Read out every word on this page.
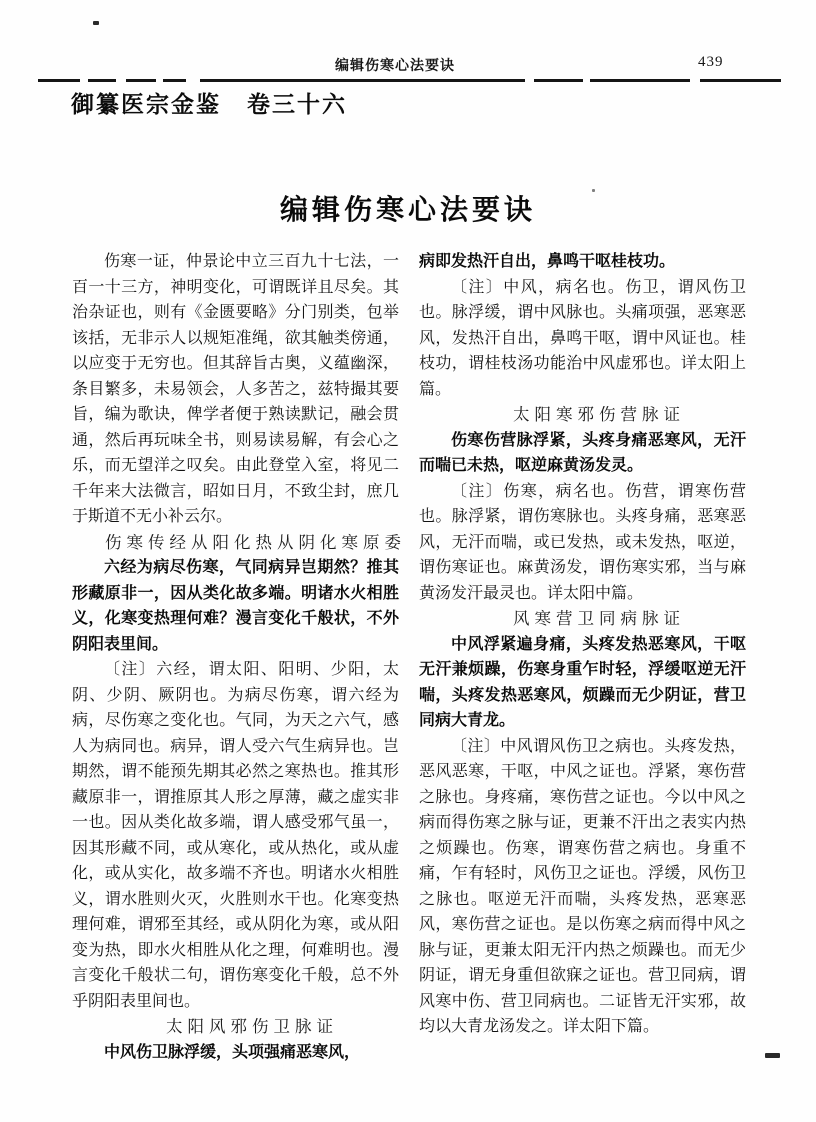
编辑伤寒心法要诀	439
御纂医宗金鉴 卷三十六
编辑伤寒心法要诀

伤寒一证，仲景论中立三百九十七法，一百一十三方，神明变化，可谓既详且尽矣。其治杂证也，则有《金匮要略》分门别类，包举该括，无非示人以规矩准绳，欲其触类傍通，以应变于无穷也。但其辞旨古奥，义蕴幽深，条目繁多，未易领会，人多苦之，兹特撮其要旨，编为歌诀，俾学者便于熟读默记，融会贯通，然后再玩味全书，则易读易解，有会心之乐，而无望洋之叹矣。由此登堂入室，将见二千年来大法微言，昭如日月，不致尘封，庶几于斯道不无小补云尔。

伤寒传经从阳化热从阴化寒原委

六经为病尽伤寒，气同病异岂期然？推其形藏原非一，因从类化故多端。明诸水火相胜义，化寒变热理何难？漫言变化千般状，不外阴阳表里间。

〔注〕六经，谓太阳、阳明、少阳，太阴、少阴、厥阴也。为病尽伤寒，谓六经为病，尽伤寒之变化也。气同，为天之六气，感人为病同也。病异，谓人受六气生病异也。岂期然，谓不能预先期其必然之寒热也。推其形藏原非一，谓推原其人形之厚薄，藏之虚实非一也。因从类化故多端，谓人感受邪气虽一，因其形藏不同，或从寒化，或从热化，或从虚化，或从实化，故多端不齐也。明诸水火相胜义，谓水胜则火灭，火胜则水干也。化寒变热理何难，谓邪至其经，或从阴化为寒，或从阳变为热，即水火相胜从化之理，何难明也。漫言变化千般状二句，谓伤寒变化千般，总不外乎阴阳表里间也。

太阳风邪伤卫脉证

中风伤卫脉浮缓，头项强痛恶寒风，

病即发热汗自出，鼻鸣干呕桂枝功。

〔注〕中风，病名也。伤卫，谓风伤卫也。脉浮缓，谓中风脉也。头痛项强，恶寒恶风，发热汗自出，鼻鸣干呕，谓中风证也。桂枝功，谓桂枝汤功能治中风虚邪也。详太阳上篇。

太阳寒邪伤营脉证

伤寒伤营脉浮紧，头疼身痛恶寒风，无汗而喘已未热，呕逆麻黄汤发灵。

〔注〕伤寒，病名也。伤营，谓寒伤营也。脉浮紧，谓伤寒脉也。头疼身痛，恶寒恶风，无汗而喘，或已发热，或未发热，呕逆，谓伤寒证也。麻黄汤发，谓伤寒实邪，当与麻黄汤发汗最灵也。详太阳中篇。

风寒营卫同病脉证

中风浮紧遍身痛，头疼发热恶寒风，干呕无汗兼烦躁，伤寒身重乍时轻，浮缓呕逆无汗喘，头疼发热恶寒风，烦躁而无少阴证，营卫同病大青龙。

〔注〕中风谓风伤卫之病也。头疼发热，恶风恶寒，干呕，中风之证也。浮紧，寒伤营之脉也。身疼痛，寒伤营之证也。今以中风之病而得伤寒之脉与证，更兼不汗出之表实内热之烦躁也。伤寒，谓寒伤营之病也。身重不痛，乍有轻时，风伤卫之证也。浮缓，风伤卫之脉也。呕逆无汗而喘，头疼发热，恶寒恶风，寒伤营之证也。是以伤寒之病而得中风之脉与证，更兼太阳无汗内热之烦躁也。而无少阴证，谓无身重但欲寐之证也。营卫同病，谓风寒中伤、营卫同病也。二证皆无汗实邪，故均以大青龙汤发之。详太阳下篇。
